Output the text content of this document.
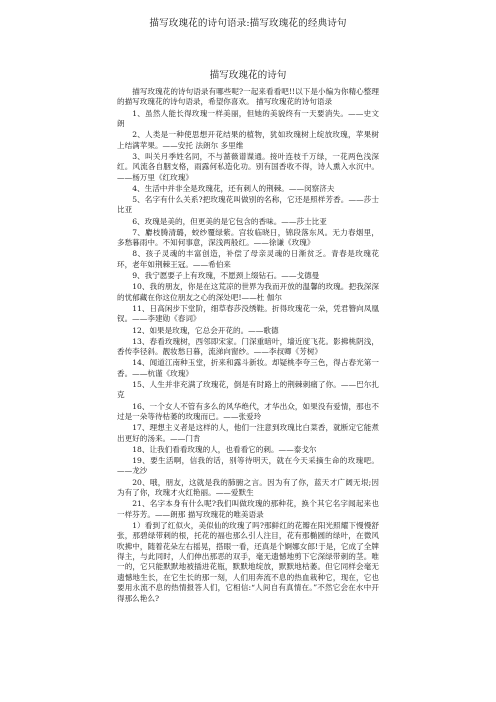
描写玫瑰花的诗句语录:描写玫瑰花的经典诗句
描写玫瑰花的诗句

描写玫瑰花的诗句语录有哪些呢?一起来看看吧!!以下是小编为你精心整理的描写玫瑰花的诗句语录，希望你喜欢。 描写玫瑰花的诗句语录

1、虽然人能长得玫瑰一样美丽，但她的美貌终有一天要消失。——史文朗

2、人类是一种使思想开花结果的植物，犹如玫瑰树上绽放玫瑰，苹果树上结满苹果。——安托 法朗尔 多里维

3、叫关月季姓名同，不与蔷薇谱谍通。接叶连枝千万绿，一花两色浅深红。风流各自胭支格，雨露何私造化功。别有国香收不得，诗人熏入水沉中。——杨万里《红玫瑰》

4、生活中并非全是玫瑰花，还有刺人的荆棘。——闵察济夫

5、名字有什么关系?把玫瑰花叫做别的名称，它还是照样芳香。——莎士比亚

6、玫瑰是美的，但更美的是它包含的香味。——莎士比亚

7、麝枝腾清璐，蛟纱覆绿紫。宫妆临晓日，锦段落东风。无力春烟里，多愁暮雨中。不知何事意，深浅两般红。——徐谦《玫瑰》

8、孩子灵魂的丰富创造，补偿了母亲灵魂的日渐贫乏。青春是玫瑰花环，老年如荆棘王冠。——希伯来

9、我宁愿要子上有玫瑰，不愿颈上缀钻石。——戈德曼

10、我的朋友，你是在这荒凉的世界为我而开放的温馨的玫瑰。把我深深的忧郁藏在你这位朋友之心的深处吧!——杜 伽尔

11、日高闲步下堂阶，细草春莎没绣鞋。折得玫瑰花一朵，凭君簪向凤凰钗。——李建勋《春词》

12、如果是玫瑰，它总会开花的。——歌德

13、春看玫瑰树，西邻即宋家。门深重暗叶，墙近度飞花。影拂桃阴浅，香传李径斜。靓妆愁日暮，流涕向窗纱。——李叔卿《芳树》

14、闻道江南种玉堂，折来和露斗新妆。却疑桃李夸三色，得占春光第一香。——杭谨《玫瑰》

15、人生并非充满了玫瑰花，倒是有时路上的荆棘刺痛了你。——巴尔扎克

16、一个女人不管有多么的风华绝代，才华出众，如果没有爱情，那也不过是一朵等待枯萎的玫瑰而已。——张爱玲

17、理想主义者是这样的人，他们一注意到玫瑰比白菜香，就断定它能煮出更好的汤来。——门肯

18、让我们看看玫瑰的人，也看看它的刺。——泰戈尔

19、要生活啊，信我的话，别等待明天，就在今天采摘生命的玫瑰吧。——龙沙

20、哦，朋友，这就是我的肺腑之言。因为有了你，蓝天才广阔无垠;因为有了你，玫瑰才火红艳丽。——爱默生

21、名字本身有什么呢?我们叫做玫瑰的那种花，换个其它名字闻起来也一样芬芳。——朗那 描写玫瑰花的唯美语录

1）看到了红似火，美似仙的玫瑰了吗?那鲜红的花瓣在阳光照耀下慢慢舒张，那碧绿带刺的根，托花的福也那么引人注目，花有那椭圆的绿叶，在微风吹拂中，随着花朵左右摇晃，搭眼一看，还真是个婀娜女郎!于是，它成了全牌得主，与此同时，人们伸出那恶的双手，毫无遗憾地剪下它深绿带刺的茎。唯一的，它只能默默地被插进花瓶，默默地绽放，默默地枯萎。但它同样会毫无遗憾地生长，在它生长的那一刻，人们用奔流不息的热血栽种它，现在，它也要用永流不息的热情报答人们，它相信:“人间自有真情在。”不然它会在水中开得那么艳么?
